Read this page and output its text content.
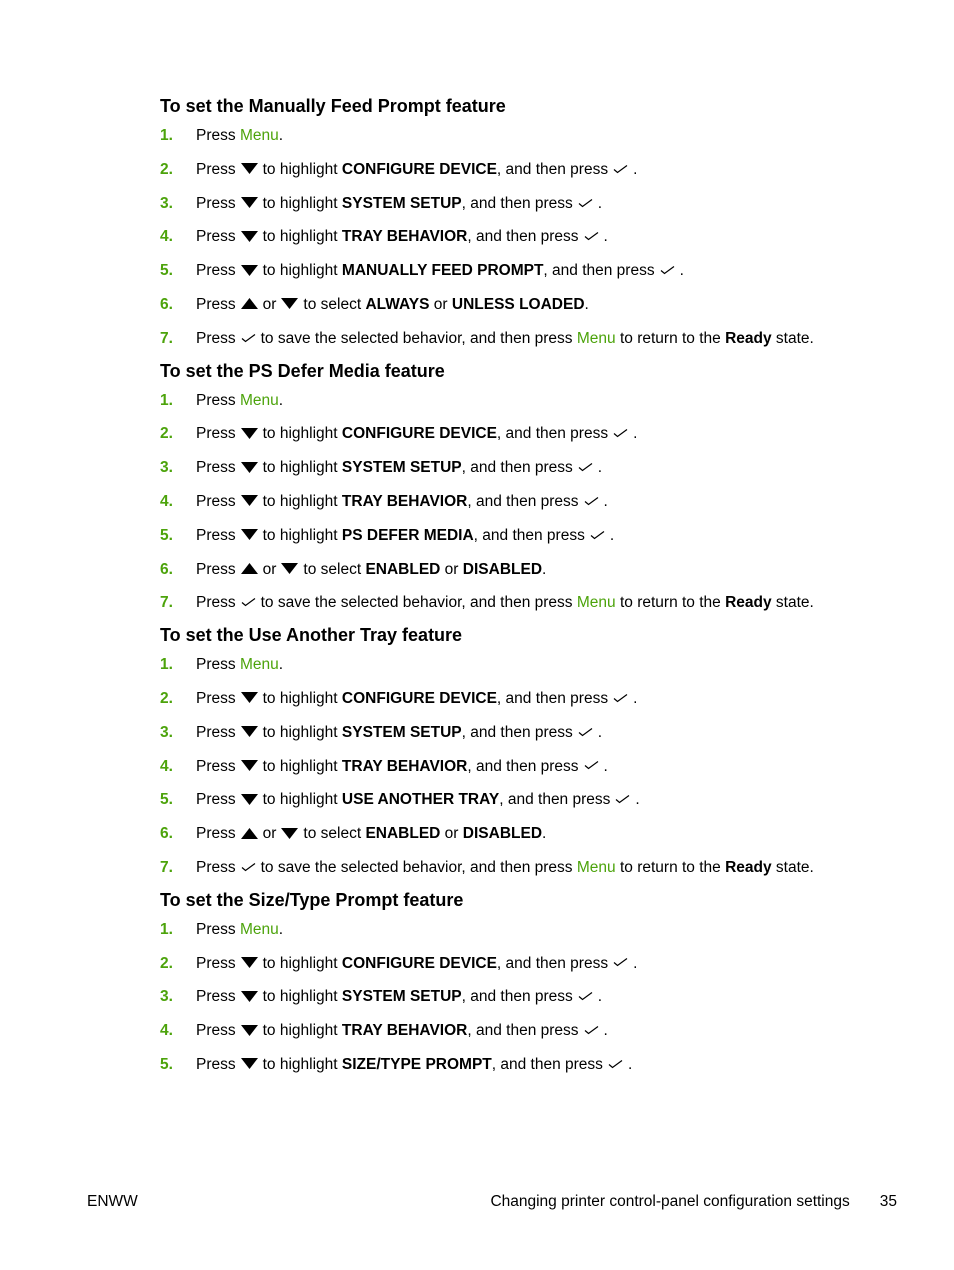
To set the Manually Feed Prompt feature
1.	Press Menu.
2.	Press to highlight CONFIGURE DEVICE, and then press .
3.	Press to highlight SYSTEM SETUP, and then press .
4.	Press to highlight TRAY BEHAVIOR, and then press .
5.	Press to highlight MANUALLY FEED PROMPT, and then press .
6.	Press or to select ALWAYS or UNLESS LOADED.
7.	Press to save the selected behavior, and then press Menu to return to the Ready state.
To set the PS Defer Media feature
1.	Press Menu.
2.	Press to highlight CONFIGURE DEVICE, and then press .
3.	Press to highlight SYSTEM SETUP, and then press .
4.	Press to highlight TRAY BEHAVIOR, and then press .
5.	Press to highlight PS DEFER MEDIA, and then press .
6.	Press or to select ENABLED or DISABLED.
7.	Press to save the selected behavior, and then press Menu to return to the Ready state.
To set the Use Another Tray feature
1.	Press Menu.
2.	Press to highlight CONFIGURE DEVICE, and then press .
3.	Press to highlight SYSTEM SETUP, and then press .
4.	Press to highlight TRAY BEHAVIOR, and then press .
5.	Press to highlight USE ANOTHER TRAY, and then press .
6.	Press or to select ENABLED or DISABLED.
7.	Press to save the selected behavior, and then press Menu to return to the Ready state.
To set the Size/Type Prompt feature
1.	Press Menu.
2.	Press to highlight CONFIGURE DEVICE, and then press .
3.	Press to highlight SYSTEM SETUP, and then press .
4.	Press to highlight TRAY BEHAVIOR, and then press .
5.	Press to highlight SIZE/TYPE PROMPT, and then press .
ENWW	Changing printer control-panel configuration settings 35
